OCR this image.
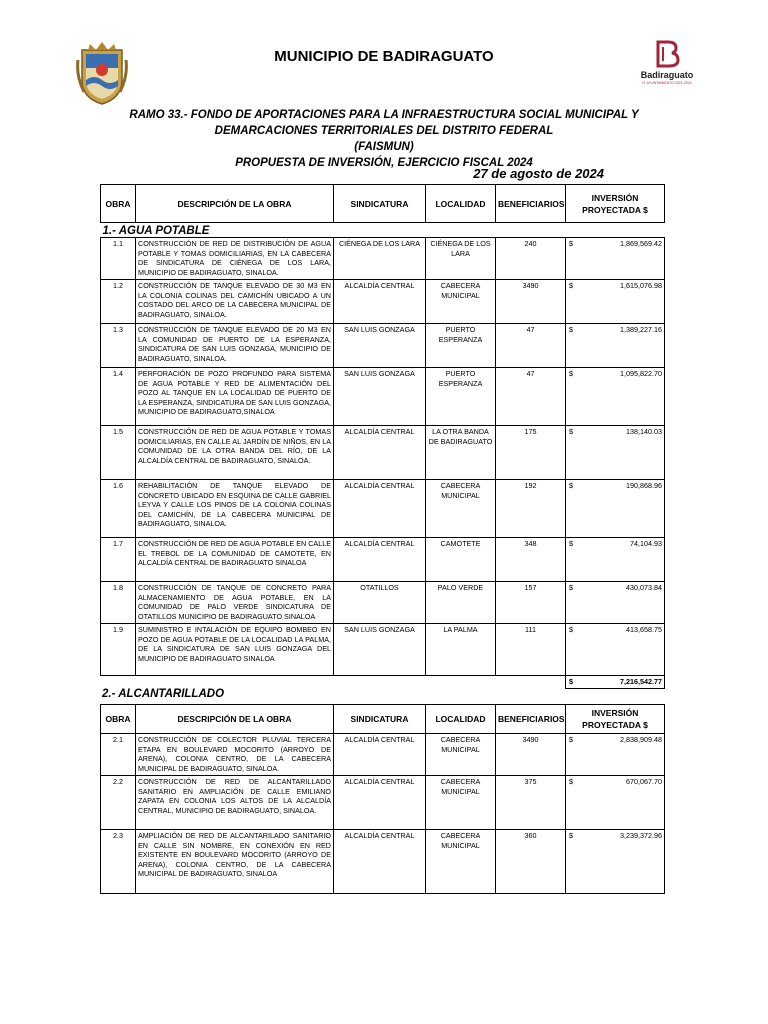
MUNICIPIO DE BADIRAGUATO
Badiraguato
H. AYUNTAMIENTO 2021-2024
RAMO 33.- FONDO DE APORTACIONES PARA LA INFRAESTRUCTURA SOCIAL MUNICIPAL Y
DEMARCACIONES TERRITORIALES DEL DISTRITO FEDERAL
(FAISMUN)
PROPUESTA DE INVERSIÓN, EJERCICIO FISCAL 2024
27 de agosto de 2024
OBRA	DESCRIPCIÓN DE LA OBRA	SINDICATURA	LOCALIDAD	BENEFICIARIOS	INVERSIÓN PROYECTADA $
1.- AGUA POTABLE					
1.1	CONSTRUCCIÓN DE RED DE DISTRIBUCIÓN DE AGUA POTABLE Y TOMAS DOMICILIARIAS, EN LA CABECERA DE SINDICATURA DE CIÉNEGA DE LOS LARA, MUNICIPIO DE BADIRAGUATO, SINALOA.	CIÉNEGA DE LOS LARA	CIÉNEGA DE LOS LARA	240	$ 1,869,569.42

1.2	CONSTRUCCIÓN DE TANQUE ELEVADO DE 30 M3 EN LA COLONIA COLINAS DEL CAMICHÍN UBICADO A UN COSTADO DEL ARCO DE LA CABECERA MUNICIPAL DE BADIRAGUATO, SINALOA.	ALCALDÍA CENTRAL	CABECERA MUNICIPAL	3490	$ 1,615,076.98

1.3	CONSTRUCCIÓN DE TANQUE ELEVADO DE 20 M3 EN LA COMUNIDAD DE PUERTO DE LA ESPERANZA, SINDICATURA DE SAN LUIS GONZAGA, MUNICIPIO DE BADIRAGUATO, SINALOA.	SAN LUIS GONZAGA	PUERTO ESPERANZA	47	$ 1,389,227.16

1.4	PERFORACIÓN DE POZO PROFUNDO PARA SISTEMA DE AGUA POTABLE Y RED DE ALIMENTACIÓN DEL POZO AL TANQUE EN LA LOCALIDAD DE PUERTO DE LA ESPERANZA, SINDICATURA DE SAN LUIS GONZAGA, MUNICIPIO DE BADIRAGUATO,SINALOA	SAN LUIS GONZAGA	PUERTO ESPERANZA	47	$ 1,095,822.70

1.5	CONSTRUCCIÓN DE RED DE AGUA POTABLE Y TOMAS DOMICILIARIAS, EN CALLE AL JARDÍN DE NIÑOS, EN LA COMUNIDAD DE LA OTRA BANDA DEL RÍO, DE LA ALCALDÍA CENTRAL DE BADIRAGUATO, SINALOA.	ALCALDÍA CENTRAL	LA OTRA BANDA DE BADIRAGUATO	175	$ 138,140.03

1.6	REHABILITACIÓN DE TANQUE ELEVADO DE CONCRETO UBICADO EN ESQUINA DE CALLE GABRIEL LEYVA Y CALLE LOS PINOS DE LA COLONIA COLINAS DEL CAMICHÍN, DE LA CABECERA MUNICIPAL DE BADIRAGUATO, SINALOA.	ALCALDÍA CENTRAL	CABECERA MUNICIPAL	192	$ 190,868.96

1.7	CONSTRUCCIÓN DE RED DE AGUA POTABLE EN CALLE EL TREBOL DE LA COMUNIDAD DE CAMOTETE, EN ALCALDÍA CENTRAL DE BADIRAGUATO SINALOA	ALCALDÍA CENTRAL	CAMOTETE	348	$ 74,104.93

1.8	CONSTRUCCIÓN DE TANQUE DE CONCRETO PARA ALMACENAMIENTO DE AGUA POTABLE, EN LA COMUNIDAD DE PALO VERDE SINDICATURA DE OTATILLOS MUNICIPIO DE BADIRAGUATO SINALOA	OTATILLOS	PALO VERDE	157	$ 430,073.84

1.9	SUMINISTRO E INTALACIÓN DE EQUIPO BOMBEO EN POZO DE AGUA POTABLE DE LA LOCALIDAD LA PALMA, DE LA SINDICATURA DE SAN LUIS GONZAGA DEL MUNICIPIO DE BADIRAGUATO SINALOA	SAN LUIS GONZAGA	LA PALMA	111	$ 413,658.75

					$ 7,216,542.77
2.- ALCANTARILLADO
OBRA	DESCRIPCIÓN DE LA OBRA	SINDICATURA	LOCALIDAD	BENEFICIARIOS	INVERSIÓN PROYECTADA $
2.1	CONSTRUCCIÓN DE COLECTOR PLUVIAL TERCERA ETAPA EN BOULEVARD MOCORITO (ARROYO DE ARENA), COLONIA CENTRO, DE LA CABECERA MUNICIPAL DE BADIRAGUATO, SINALOA.	ALCALDÍA CENTRAL	CABECERA MUNICIPAL	3490	$ 2,838,909.48

2.2	CONSTRUCCIÓN DE RED DE ALCANTARILLADO SANITARIO EN AMPLIACIÓN DE CALLE EMILIANO ZAPATA EN COLONIA LOS ALTOS DE LA ALCALDÍA CENTRAL, MUNICIPIO DE BADIRAGUATO, SINALOA.	ALCALDÍA CENTRAL	CABECERA MUNICIPAL	375	$ 670,067.70

2.3	AMPLIACIÓN DE RED DE ALCANTARILADO SANITARIO EN CALLE SIN NOMBRE, EN CONEXIÓN EN RED EXISTENTE EN BOULEVARD MOCORITO (ARROYO DE ARENA), COLONIA CENTRO, DE LA CABECERA MUNICIPAL DE BADIRAGUATO, SINALOA	ALCALDÍA CENTRAL	CABECERA MUNICIPAL	360	$ 3,239,372.96
